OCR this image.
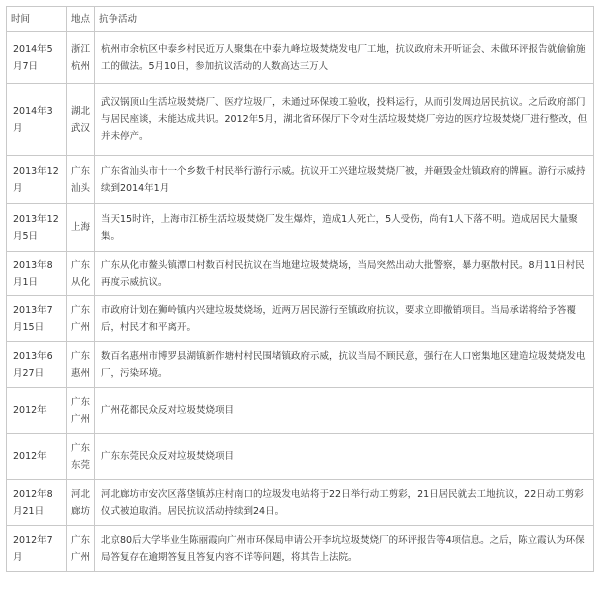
时间	地点	抗争活动
2014年5月7日	浙江杭州	杭州市余杭区中泰乡村民近万人聚集在中泰九峰垃圾焚烧发电厂工地，抗议政府未开听证会、未做环评报告就偷偷施工的做法。5月10日，参加抗议活动的人数高达三万人
2014年3月	湖北武汉	武汉锅顶山生活垃圾焚烧厂、医疗垃圾厂，未通过环保竣工验收，投料运行，从而引发周边居民抗议。之后政府部门与居民座谈，未能达成共识。2012年5月，湖北省环保厅下令对生活垃圾焚烧厂旁边的医疗垃圾焚烧厂进行整改，但并未停产。
2013年12月	广东汕头	广东省汕头市十一个乡数千村民举行游行示威。抗议开工兴建垃圾焚烧厂被，并砸毁金灶镇政府的牌匾。游行示威持续到2014年1月
2013年12月5日	上海	当天15时许，上海市江桥生活垃圾焚烧厂发生爆炸，造成1人死亡，5人受伤，尚有1人下落不明。造成居民大量聚集。
2013年8月1日	广东从化	广东从化市鳌头镇潭口村数百村民抗议在当地建垃圾焚烧场，当局突然出动大批警察，暴力驱散村民。8月11日村民再度示威抗议。
2013年7月15日	广东广州	市政府计划在狮岭镇内兴建垃圾焚烧场，近两万居民游行至镇政府抗议，要求立即撤销项目。当局承诺将给予答覆后，村民才和平离开。
2013年6月27日	广东惠州	数百名惠州市博罗县湖镇新作塘村村民围堵镇政府示威，抗议当局不顾民意，强行在人口密集地区建造垃圾焚烧发电厂，污染环境。
2012年	广东广州	广州花都民众反对垃圾焚烧项目
2012年	广东东莞	广东东莞民众反对垃圾焚烧项目
2012年8月21日	河北廊坊	河北廊坊市安次区落垡镇苏庄村南口的垃圾发电站将于22日举行动工剪彩，21日居民就去工地抗议，22日动工剪彩仪式被迫取消。居民抗议活动持续到24日。
2012年7月	广东广州	北京80后大学毕业生陈丽霞向广州市环保局申请公开李坑垃圾焚烧厂的环评报告等4项信息。之后，陈立霞认为环保局答复存在逾期答复且答复内容不详等问题，将其告上法院。
